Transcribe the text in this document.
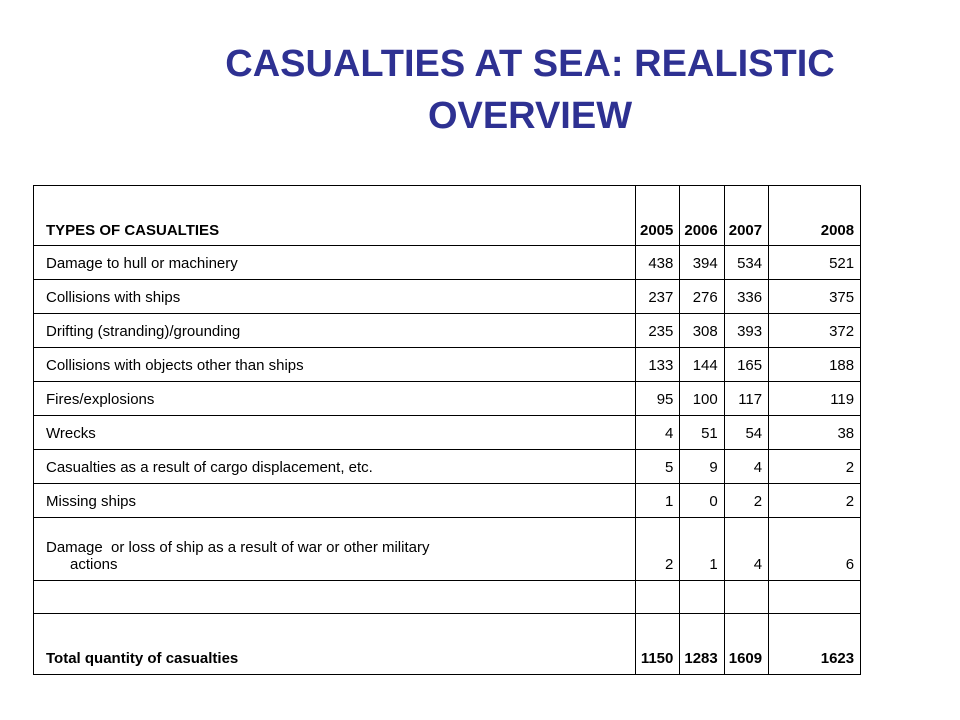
CASUALTIES AT SEA: REALISTIC
OVERVIEW
TYPES OF CASUALTIES	2005	2006	2007	2008
Damage to hull or machinery	438	394	534	521
Collisions with ships	237	276	336	375
Drifting (stranding)/grounding	235	308	393	372
Collisions with objects other than ships	133	144	165	188
Fires/explosions	95	100	117	119
Wrecks	4	51	54	38
Casualties as a result of cargo displacement, etc.	5	9	4	2
Missing ships	1	0	2	2
Damage  or loss of ship as a result of war or other military
actions	2	1	4	6

Total quantity of casualties	1150	1283	1609	1623
